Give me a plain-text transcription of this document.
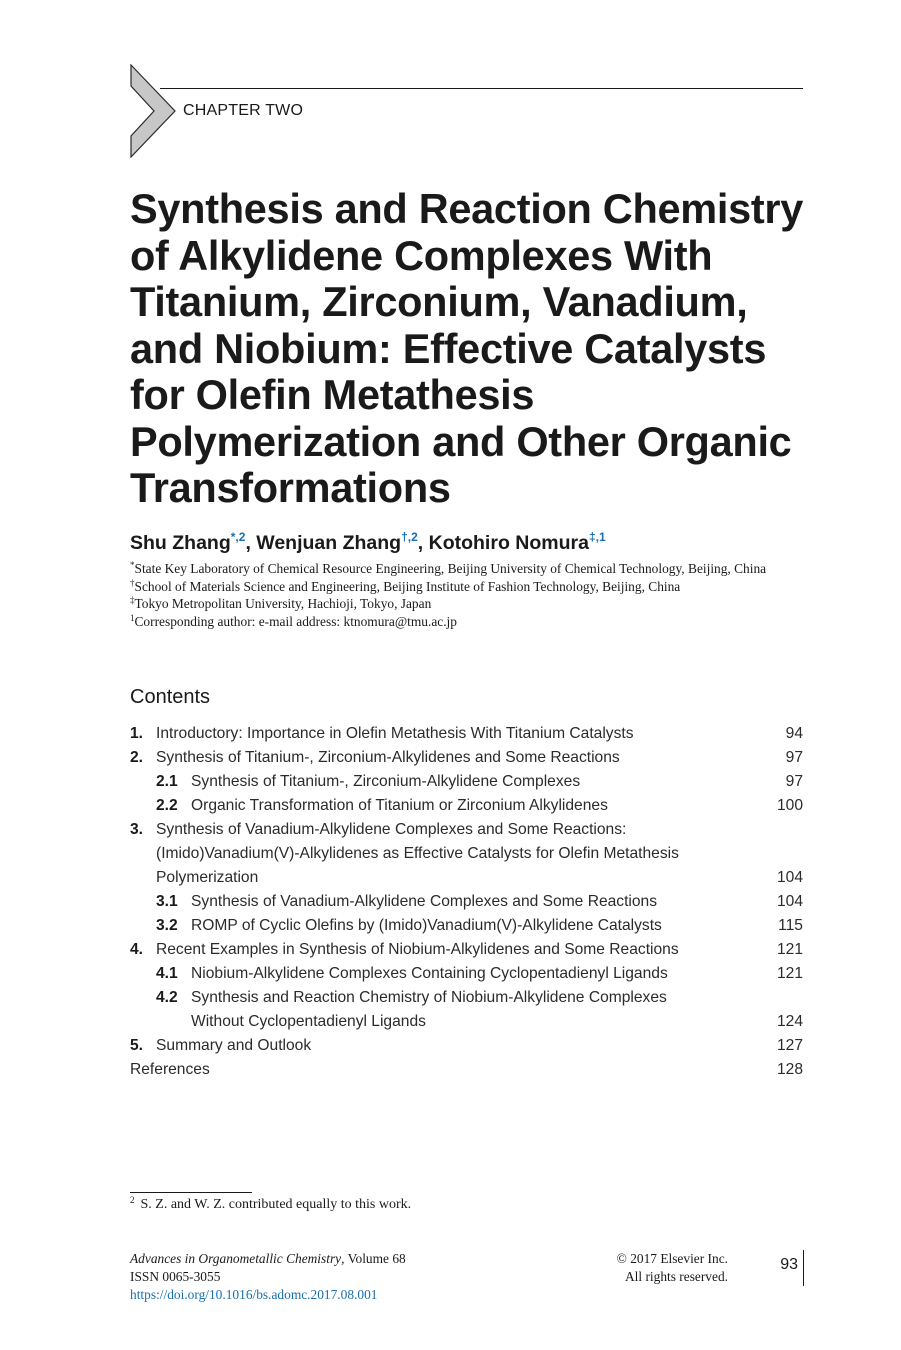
CHAPTER TWO
Synthesis and Reaction Chemistry of Alkylidene Complexes With Titanium, Zirconium, Vanadium, and Niobium: Effective Catalysts for Olefin Metathesis Polymerization and Other Organic Transformations
Shu Zhang$^{*,2}$, Wenjuan Zhang$^{\dagger,2}$, Kotohiro Nomura$^{\ddagger,1}$

*State Key Laboratory of Chemical Resource Engineering, Beijing University of Chemical Technology, Beijing, China

†School of Materials Science and Engineering, Beijing Institute of Fashion Technology, Beijing, China

‡Tokyo Metropolitan University, Hachioji, Tokyo, Japan

$^1$Corresponding author: e-mail address: ktnomura@tmu.ac.jp

Contents
1. Introductory: Importance in Olefin Metathesis With Titanium Catalysts	94
2. Synthesis of Titanium-, Zirconium-Alkylidenes and Some Reactions	97
2.1 Synthesis of Titanium-, Zirconium-Alkylidene Complexes	97
2.2 Organic Transformation of Titanium or Zirconium Alkylidenes	100
3. Synthesis of Vanadium-Alkylidene Complexes and Some Reactions:
(Imido)Vanadium(V)-Alkylidenes as Effective Catalysts for Olefin Metathesis
Polymerization	104
3.1 Synthesis of Vanadium-Alkylidene Complexes and Some Reactions	104
3.2 ROMP of Cyclic Olefins by (Imido)Vanadium(V)-Alkylidene Catalysts	115
4. Recent Examples in Synthesis of Niobium-Alkylidenes and Some Reactions	121
4.1 Niobium-Alkylidene Complexes Containing Cyclopentadienyl Ligands	121
4.2 Synthesis and Reaction Chemistry of Niobium-Alkylidene Complexes
Without Cyclopentadienyl Ligands	124
5. Summary and Outlook	127
References	128
$^2$ S. Z. and W. Z. contributed equally to this work.
Advances in Organometallic Chemistry, Volume 68
ISSN 0065-3055
https://doi.org/10.1016/bs.adomc.2017.08.001
© 2017 Elsevier Inc.
All rights reserved.
93
